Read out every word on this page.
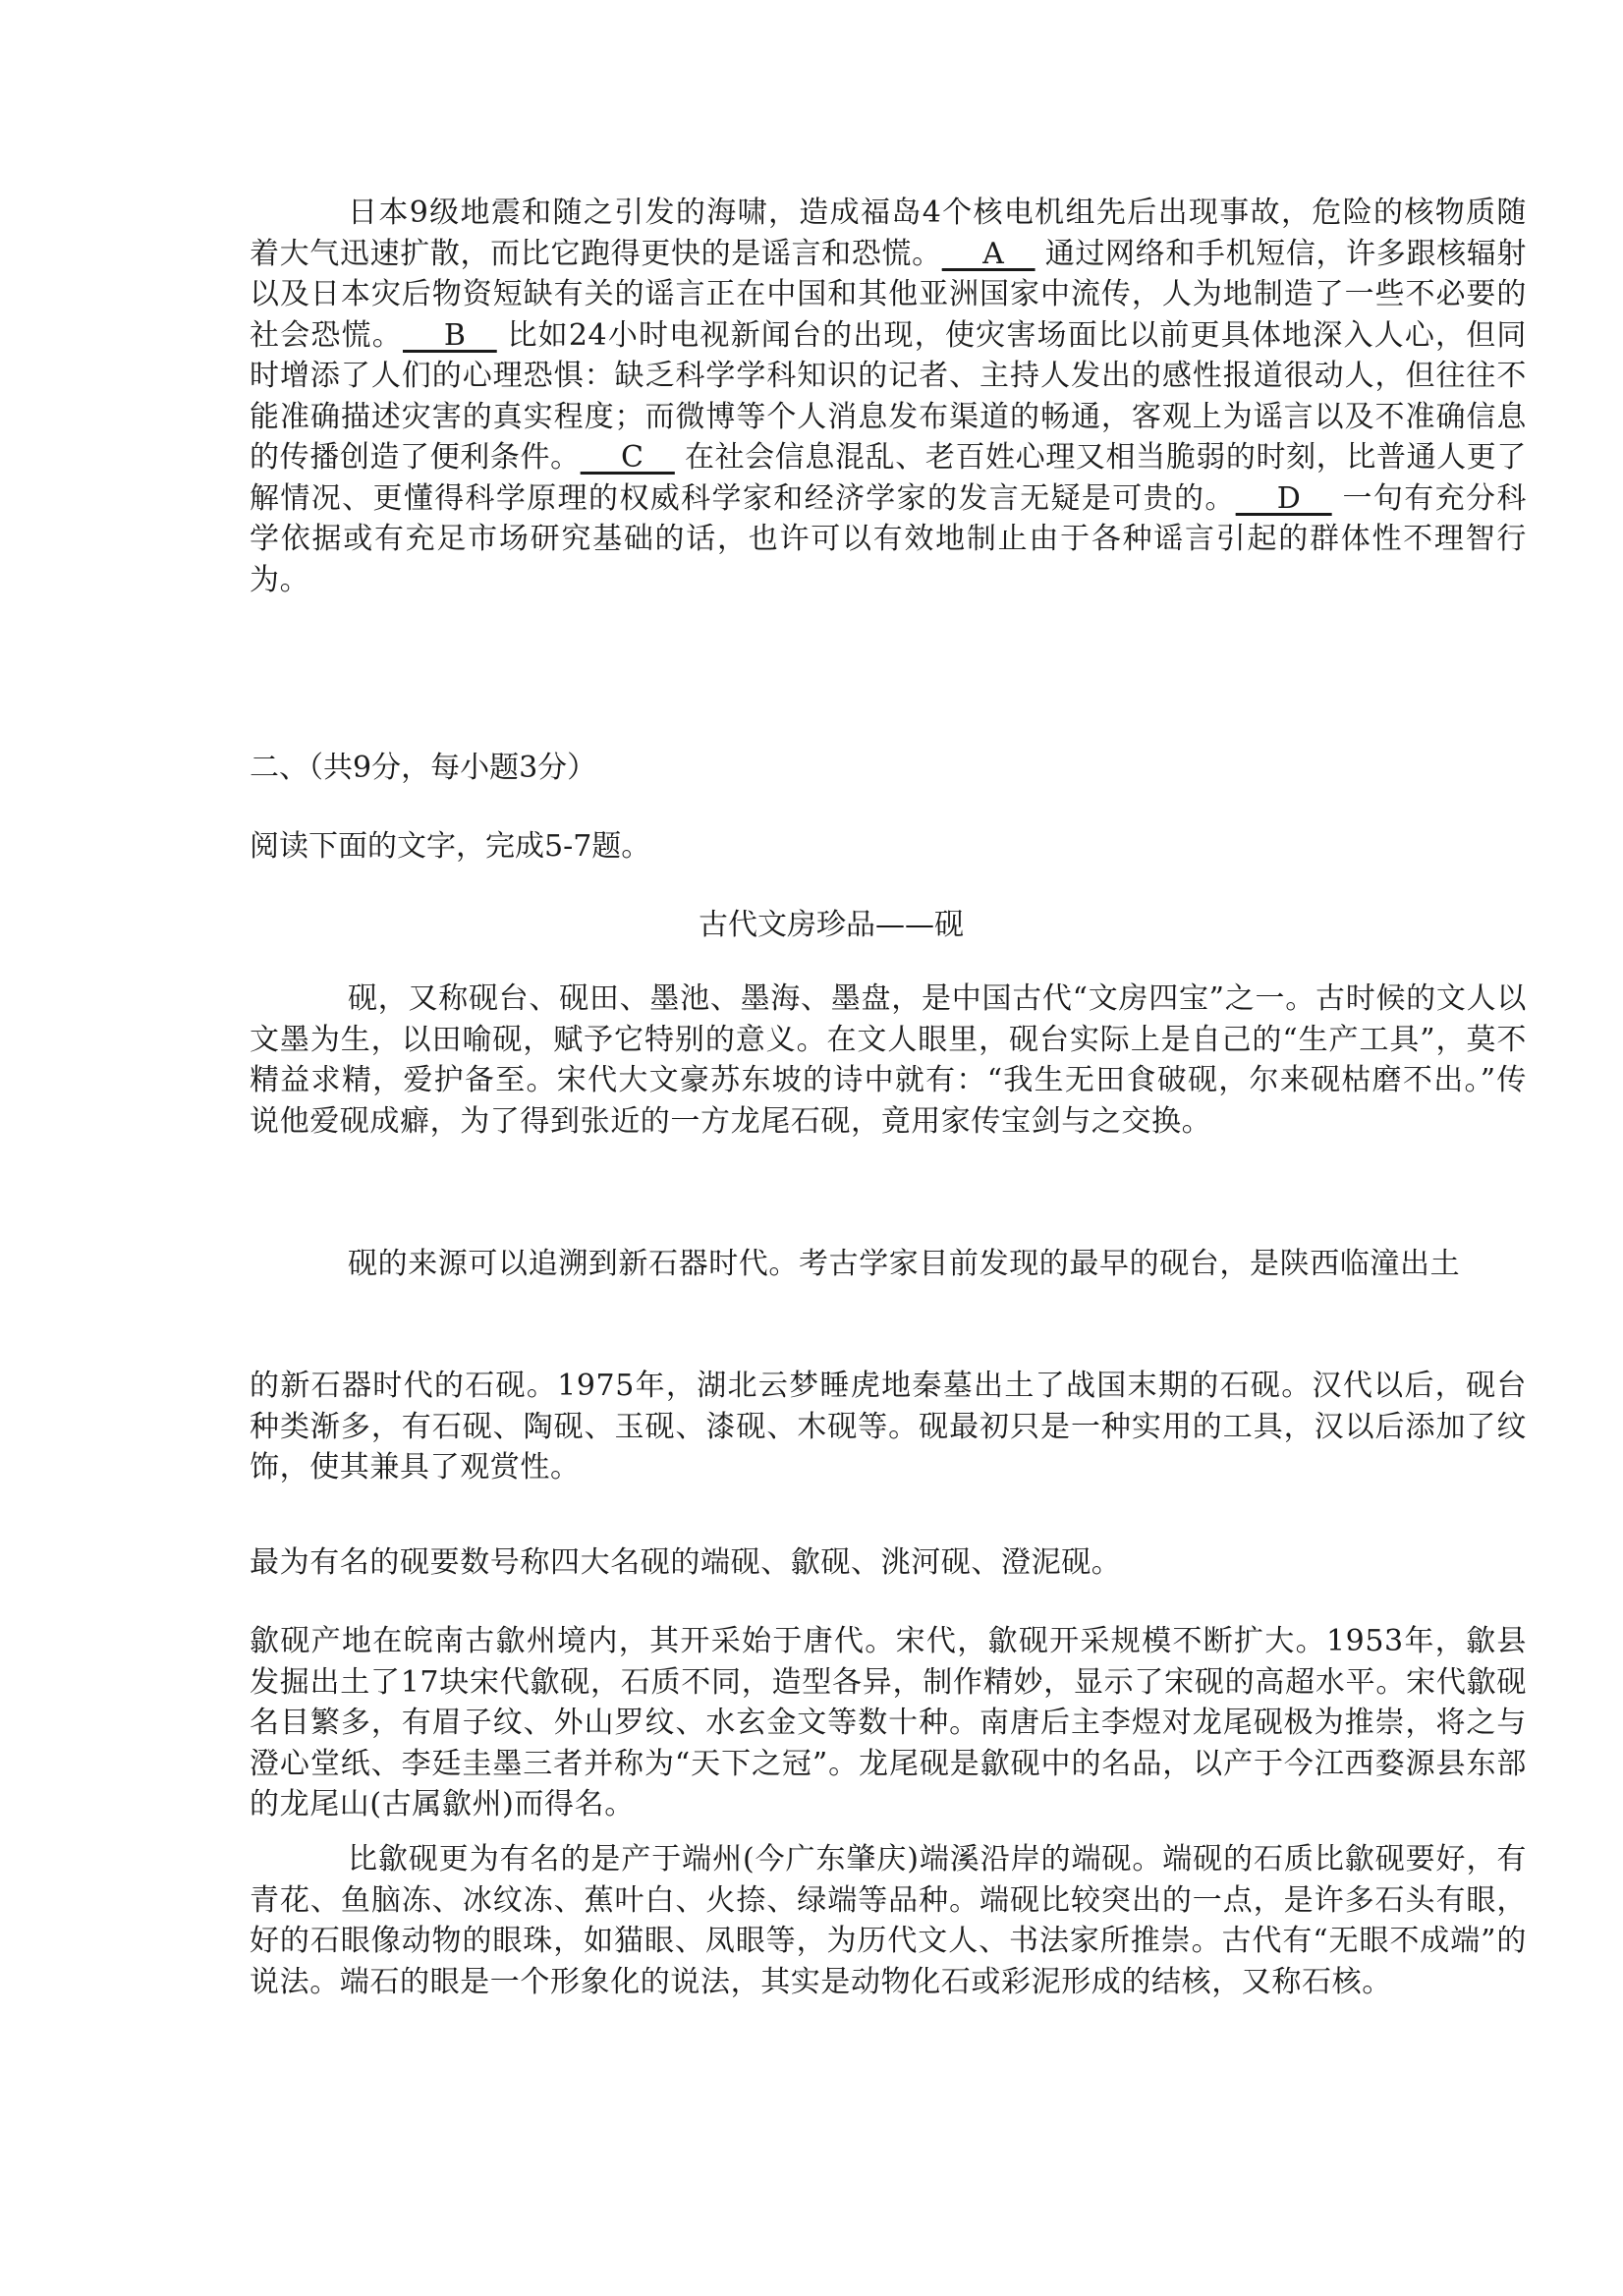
日本9级地震和随之引发的海啸，造成福岛4个核电机组先后出现事故，危险的核物质随着大气迅速扩散，而比它跑得更快的是谣言和恐慌。__ A__ 通过网络和手机短信，许多跟核辐射以及日本灾后物资短缺有关的谣言正在中国和其他亚洲国家中流传，人为地制造了一些不必要的社会恐慌。__ B__ 比如24小时电视新闻台的出现，使灾害场面比以前更具体地深入人心，但同时增添了人们的心理恐惧：缺乏科学学科知识的记者、主持人发出的感性报道很动人，但往往不能准确描述灾害的真实程度；而微博等个人消息发布渠道的畅通，客观上为谣言以及不准确信息的传播创造了便利条件。__ C__ 在社会信息混乱、老百姓心理又相当脆弱的时刻，比普通人更了解情况、更懂得科学原理的权威科学家和经济学家的发言无疑是可贵的。__ D__ 一句有充分科学依据或有充足市场研究基础的话，也许可以有效地制止由于各种谣言引起的群体性不理智行为。

二、（共9分，每小题3分）

阅读下面的文字，完成5-7题。

古代文房珍品——砚

砚，又称砚台、砚田、墨池、墨海、墨盘，是中国古代“文房四宝”之一。古时候的文人以文墨为生，以田喻砚，赋予它特别的意义。在文人眼里，砚台实际上是自己的“生产工具”，莫不精益求精，爱护备至。宋代大文豪苏东坡的诗中就有：“我生无田食破砚，尔来砚枯磨不出。”传说他爱砚成癖，为了得到张近的一方龙尾石砚，竟用家传宝剑与之交换。

砚的来源可以追溯到新石器时代。考古学家目前发现的最早的砚台，是陕西临潼出土

的新石器时代的石砚。1975年，湖北云梦睡虎地秦墓出土了战国末期的石砚。汉代以后，砚台种类渐多，有石砚、陶砚、玉砚、漆砚、木砚等。砚最初只是一种实用的工具，汉以后添加了纹饰，使其兼具了观赏性。

最为有名的砚要数号称四大名砚的端砚、歙砚、洮河砚、澄泥砚。

歙砚产地在皖南古歙州境内，其开采始于唐代。宋代，歙砚开采规模不断扩大。1953年，歙县发掘出土了17块宋代歙砚，石质不同，造型各异，制作精妙，显示了宋砚的高超水平。宋代歙砚名目繁多，有眉子纹、外山罗纹、水玄金文等数十种。南唐后主李煜对龙尾砚极为推崇，将之与澄心堂纸、李廷圭墨三者并称为“天下之冠”。龙尾砚是歙砚中的名品，以产于今江西婺源县东部的龙尾山(古属歙州)而得名。

比歙砚更为有名的是产于端州(今广东肇庆)端溪沿岸的端砚。端砚的石质比歙砚要好，有青花、鱼脑冻、冰纹冻、蕉叶白、火捺、绿端等品种。端砚比较突出的一点，是许多石头有眼，好的石眼像动物的眼珠，如猫眼、凤眼等，为历代文人、书法家所推崇。古代有“无眼不成端”的说法。端石的眼是一个形象化的说法，其实是动物化石或彩泥形成的结核，又称石核。
